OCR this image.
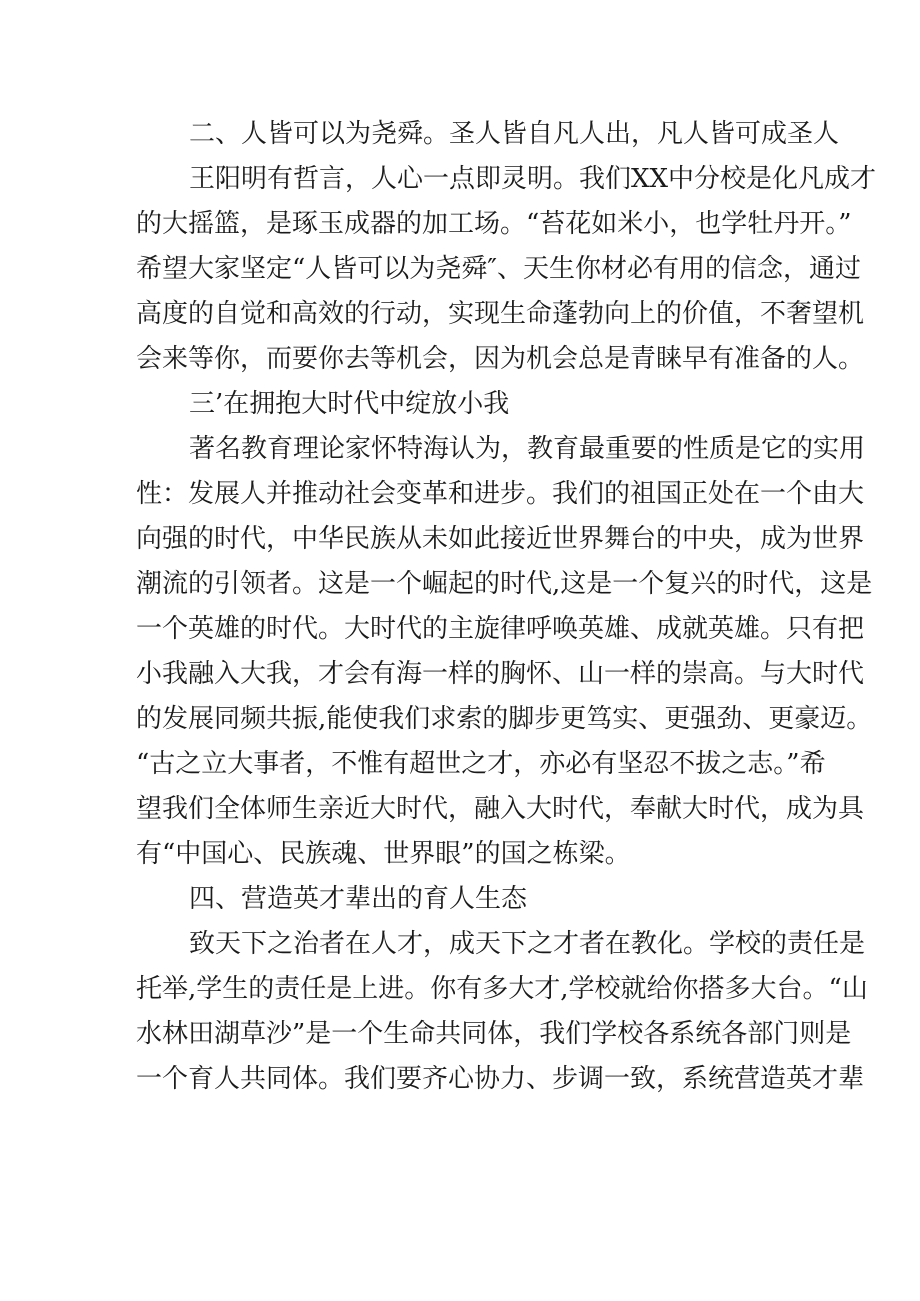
二、人皆可以为尧舜。圣人皆自凡人出，凡人皆可成圣人
王阳明有哲言，人心一点即灵明。我们XX中分校是化凡成才
的大摇篮，是琢玉成器的加工场。“苔花如米小，也学牡丹开。”
希望大家坚定“人皆可以为尧舜″、天生你材必有用的信念，通过
高度的自觉和高效的行动，实现生命蓬勃向上的价值，不奢望机
会来等你，而要你去等机会，因为机会总是青睐早有准备的人。
三’在拥抱大时代中绽放小我
著名教育理论家怀特海认为，教育最重要的性质是它的实用
性：发展人并推动社会变革和进步。我们的祖国正处在一个由大
向强的时代，中华民族从未如此接近世界舞台的中央，成为世界
潮流的引领者。这是一个崛起的时代,这是一个复兴的时代，这是
一个英雄的时代。大时代的主旋律呼唤英雄、成就英雄。只有把
小我融入大我，才会有海一样的胸怀、山一样的崇高。与大时代
的发展同频共振,能使我们求索的脚步更笃实、更强劲、更豪迈。
“古之立大事者，不惟有超世之才，亦必有坚忍不拔之志。”希
望我们全体师生亲近大时代，融入大时代，奉献大时代，成为具
有“中国心、民族魂、世界眼”的国之栋梁。
四、营造英才辈出的育人生态
致天下之治者在人才，成天下之才者在教化。学校的责任是
托举,学生的责任是上进。你有多大才,学校就给你搭多大台。“山
水林田湖草沙”是一个生命共同体，我们学校各系统各部门则是
一个育人共同体。我们要齐心协力、步调一致，系统营造英才辈
